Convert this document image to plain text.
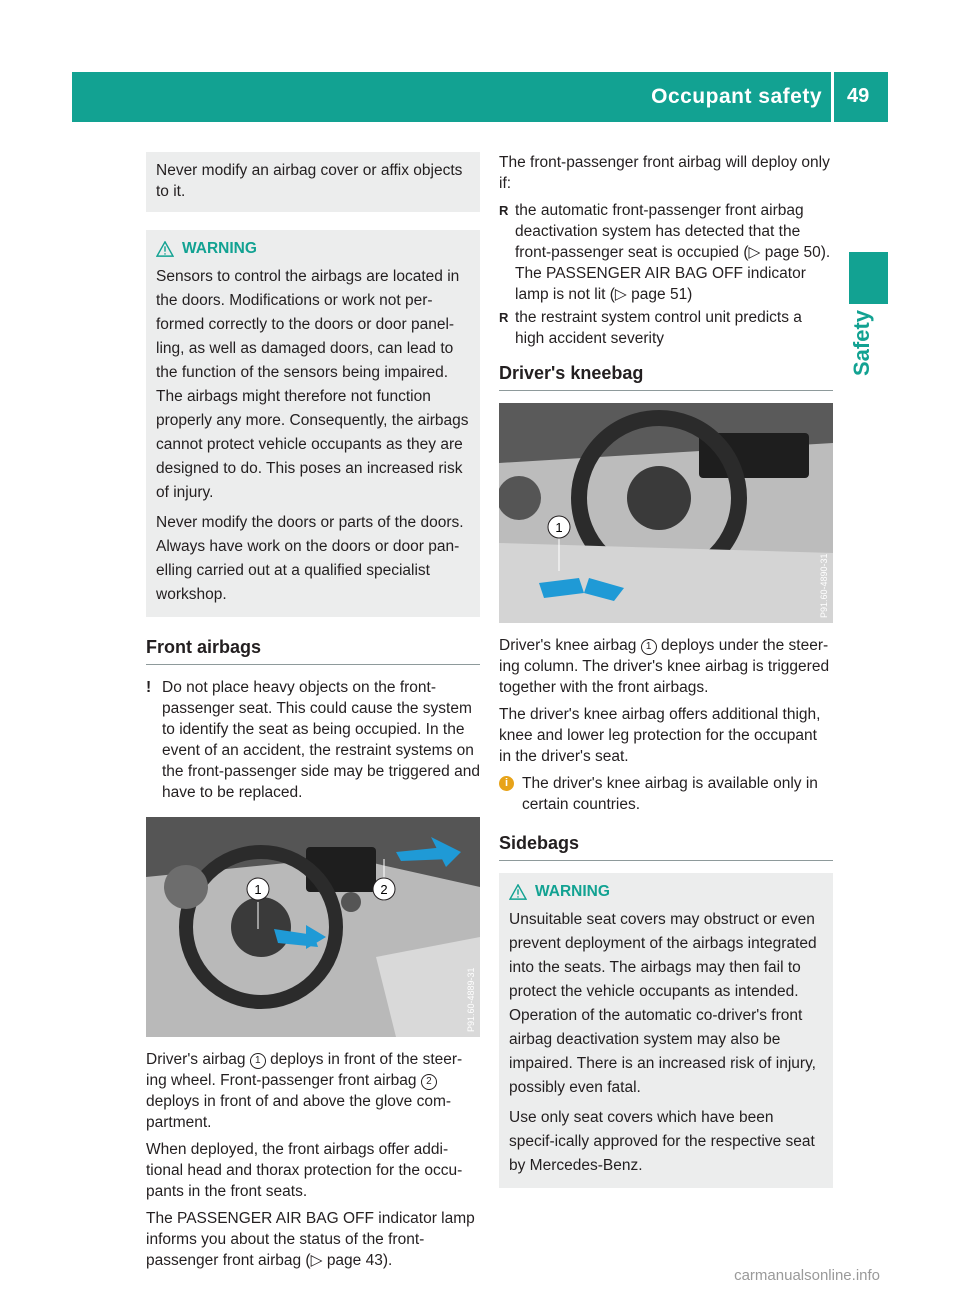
Occupant safety 49
Safety

Never modify an airbag cover or affix objects to it.

WARNING

Sensors to control the airbags are located in the doors. Modifications or work not per-formed correctly to the doors or door panel-ling, as well as damaged doors, can lead to the function of the sensors being impaired. The airbags might therefore not function properly any more. Consequently, the airbags cannot protect vehicle occupants as they are designed to do. This poses an increased risk of injury.

Never modify the doors or parts of the doors. Always have work on the doors or door pan-elling carried out at a qualified specialist workshop.

Front airbags
! Do not place heavy objects on the front-passenger seat. This could cause the system to identify the seat as being occupied. In the event of an accident, the restraint systems on the front-passenger side may be triggered and have to be replaced.
1	2
P91.60-4889-31

Driver's airbag 1 deploys in front of the steer-ing wheel. Front-passenger front airbag 2 deploys in front of and above the glove com-partment.

When deployed, the front airbags offer addi-tional head and thorax protection for the occu-pants in the front seats.

The PASSENGER AIR BAG OFF indicator lamp informs you about the status of the front-passenger front airbag (▷ page 43).

The front-passenger front airbag will deploy only if:

R the automatic front-passenger front airbag deactivation system has detected that the front-passenger seat is occupied (▷ page 50). The PASSENGER AIR BAG OFF indicator lamp is not lit (▷ page 51)
R the restraint system control unit predicts a high accident severity
Driver's kneebag
1
P91.60-4890-31

Driver's knee airbag 1 deploys under the steer-ing column. The driver's knee airbag is triggered together with the front airbags.

The driver's knee airbag offers additional thigh, knee and lower leg protection for the occupant in the driver's seat.

i The driver's knee airbag is available only in certain countries.
Sidebags
WARNING

Unsuitable seat covers may obstruct or even prevent deployment of the airbags integrated into the seats. The airbags may then fail to protect the vehicle occupants as intended. Operation of the automatic co-driver's front airbag deactivation system may also be impaired. There is an increased risk of injury, possibly even fatal.

Use only seat covers which have been specif-ically approved for the respective seat by Mercedes-Benz.

carmanualsonline.info
